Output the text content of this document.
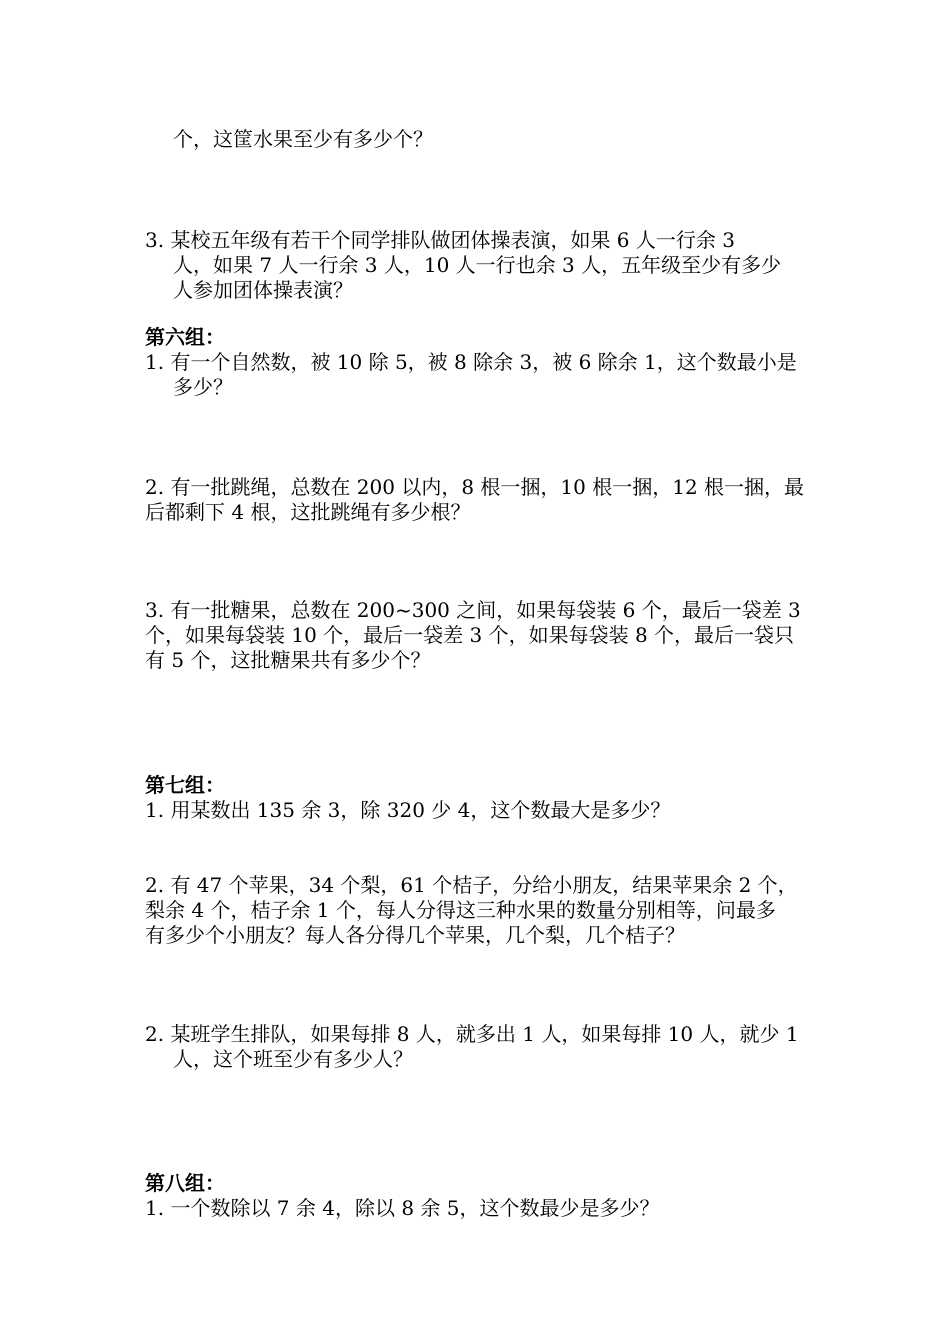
个，这筐水果至少有多少个？
3. 某校五年级有若干个同学排队做团体操表演，如果 6 人一行余 3
人，如果 7 人一行余 3 人，10 人一行也余 3 人，五年级至少有多少
人参加团体操表演？
第六组：
1. 有一个自然数，被 10 除 5，被 8 除余 3，被 6 除余 1，这个数最小是
多少？
2. 有一批跳绳，总数在 200 以内，8 根一捆，10 根一捆，12 根一捆，最
后都剩下 4 根，这批跳绳有多少根？
3. 有一批糖果，总数在 200~300 之间，如果每袋装 6 个，最后一袋差 3
个，如果每袋装 10 个，最后一袋差 3 个，如果每袋装 8 个，最后一袋只
有 5 个，这批糖果共有多少个？
第七组：
1. 用某数出 135 余 3，除 320 少 4，这个数最大是多少？
2. 有 47 个苹果，34 个梨，61 个桔子，分给小朋友，结果苹果余 2 个，
梨余 4 个，桔子余 1 个，每人分得这三种水果的数量分别相等，问最多
有多少个小朋友？每人各分得几个苹果，几个梨，几个桔子？
2. 某班学生排队，如果每排 8 人，就多出 1 人，如果每排 10 人，就少 1
人，这个班至少有多少人？
第八组：
1. 一个数除以 7 余 4，除以 8 余 5，这个数最少是多少？
